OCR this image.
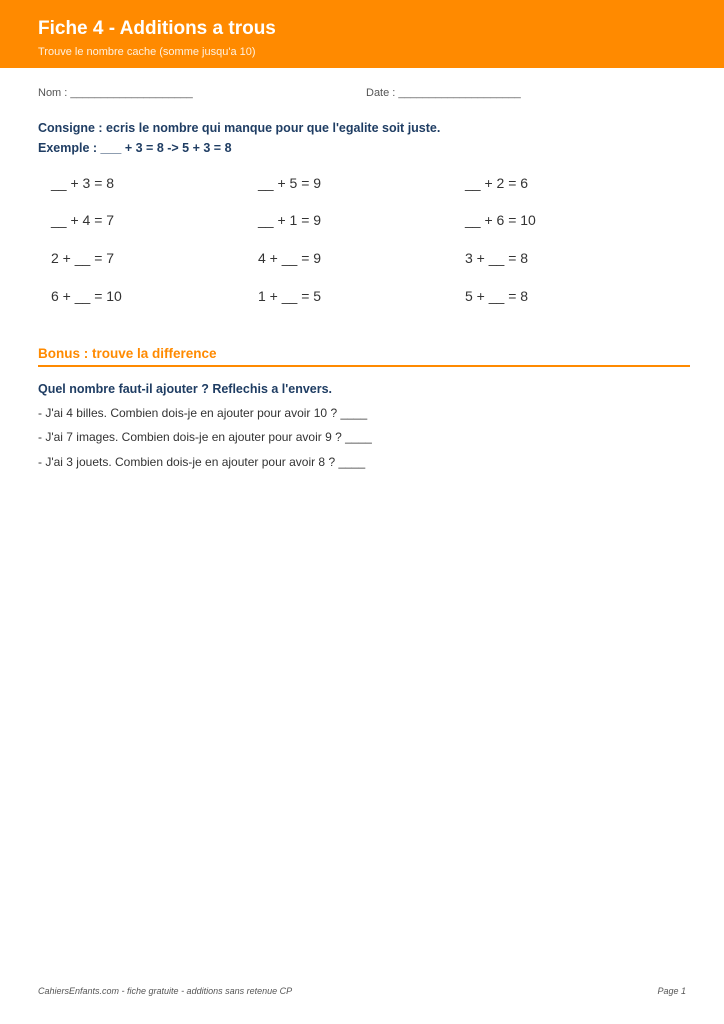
Fiche 4 - Additions a trous
Trouve le nombre cache (somme jusqu'a 10)
Nom : ____________________	Date : ____________________
Consigne : ecris le nombre qui manque pour que l'egalite soit juste.
Exemple : ___ + 3 = 8 -> 5 + 3 = 8
__ + 3 = 8	__ + 5 = 9	__ + 2 = 6
__ + 4 = 7	__ + 1 = 9	__ + 6 = 10
2 + __ = 7	4 + __ = 9	3 + __ = 8
6 + __ = 10	1 + __ = 5	5 + __ = 8
Bonus : trouve la difference
Quel nombre faut-il ajouter ? Reflechis a l'envers.
- J'ai 4 billes. Combien dois-je en ajouter pour avoir 10 ? ____
- J'ai 7 images. Combien dois-je en ajouter pour avoir 9 ? ____
- J'ai 3 jouets. Combien dois-je en ajouter pour avoir 8 ? ____
CahiersEnfants.com - fiche gratuite - additions sans retenue CP	Page 1
